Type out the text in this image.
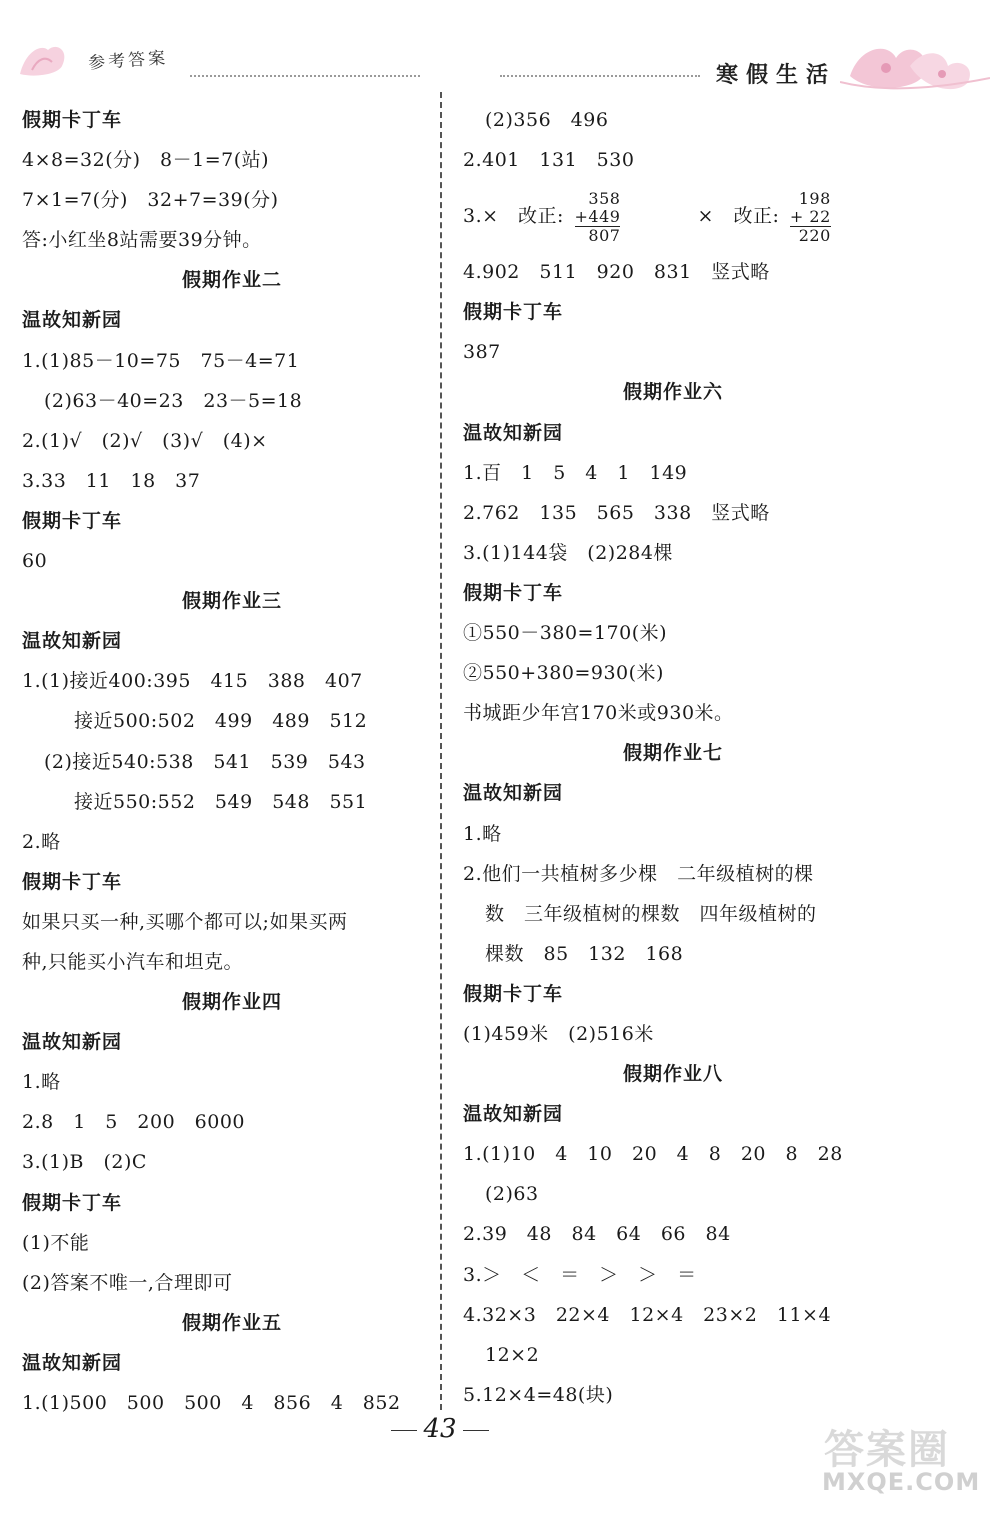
参考答案
寒假生活
假期卡丁车
4×8=32(分)　8－1=7(站)
7×1=7(分)　32+7=39(分)
答:小红坐8站需要39分钟。
假期作业二
温故知新园
1.(1)85－10=75　75－4=71
(2)63－40=23　23－5=18
2.(1)√　(2)√　(3)√　(4)×
3.33　11　18　37
假期卡丁车
60
假期作业三
温故知新园
1.(1)接近400:395　415　388　407
接近500:502　499　489　512
(2)接近540:538　541　539　543
接近550:552　549　548　551
2.略
假期卡丁车
如果只买一种,买哪个都可以;如果买两
种,只能买小汽车和坦克。
假期作业四
温故知新园
1.略
2.8　1　5　200　6000
3.(1)B　(2)C
假期卡丁车
(1)不能
(2)答案不唯一,合理即可
假期作业五
温故知新园
1.(1)500　500　500　4　856　4　852
(2)356　496
2.401　131　530
3.×　改正:
358
+449
807
×　改正:
198
+ 22
220
4.902　511　920　831　竖式略
假期卡丁车
387
假期作业六
温故知新园
1.百　1　5　4　1　149
2.762　135　565　338　竖式略
3.(1)144袋　(2)284棵
假期卡丁车
①550－380=170(米)
②550+380=930(米)
书城距少年宫170米或930米。
假期作业七
温故知新园
1.略
2.他们一共植树多少棵　二年级植树的棵
数　三年级植树的棵数　四年级植树的
棵数　85　132　168
假期卡丁车
(1)459米　(2)516米
假期作业八
温故知新园
1.(1)10　4　10　20　4　8　20　8　28
(2)63
2.39　48　84　64　66　84
3.＞　＜　＝　＞　＞　＝
4.32×3　22×4　12×4　23×2　11×4
12×2
5.12×4=48(块)
43	答案圈
MXQE.COM
